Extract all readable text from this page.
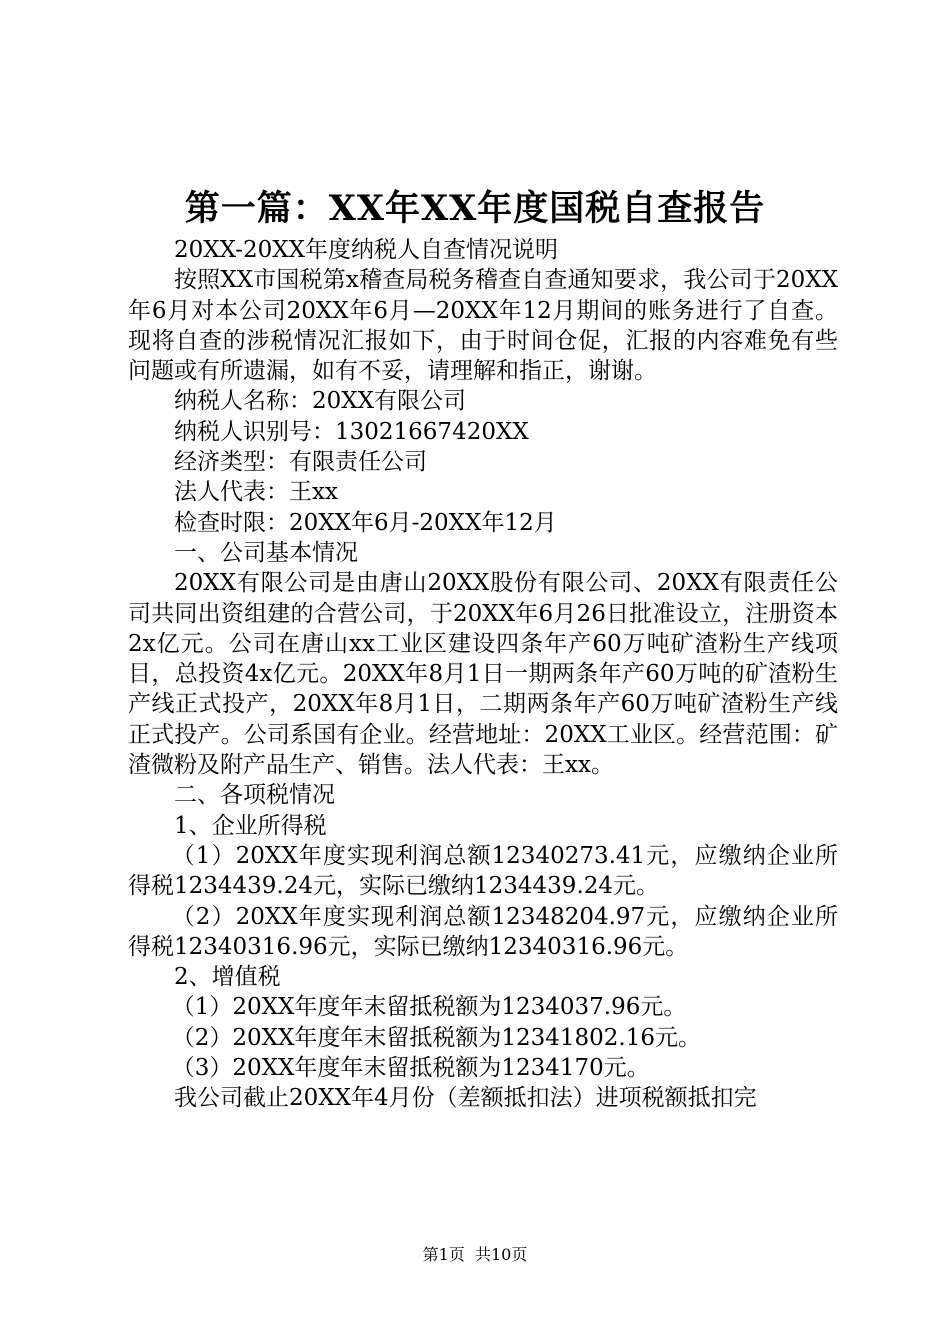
第一篇：XX年XX年度国税自查报告

20XX-20XX年度纳税人自查情况说明

按照XX市国税第x稽查局税务稽查自查通知要求，我公司于20XX年6月对本公司20XX年6月—20XX年12月期间的账务进行了自查。现将自查的涉税情况汇报如下，由于时间仓促，汇报的内容难免有些问题或有所遗漏，如有不妥，请理解和指正，谢谢。

纳税人名称：20XX有限公司

纳税人识别号：13021667420XX

经济类型：有限责任公司

法人代表：王xx

检查时限：20XX年6月-20XX年12月

一、公司基本情况

20XX有限公司是由唐山20XX股份有限公司、20XX有限责任公司共同出资组建的合营公司，于20XX年6月26日批准设立，注册资本2x亿元。公司在唐山xx工业区建设四条年产60万吨矿渣粉生产线项目，总投资4x亿元。20XX年8月1日一期两条年产60万吨的矿渣粉生产线正式投产，20XX年8月1日，二期两条年产60万吨矿渣粉生产线正式投产。公司系国有企业。经营地址：20XX工业区。经营范围：矿渣微粉及附产品生产、销售。法人代表：王xx。

二、各项税情况

1、企业所得税

（1）20XX年度实现利润总额12340273.41元，应缴纳企业所得税1234439.24元，实际已缴纳1234439.24元。

（2）20XX年度实现利润总额12348204.97元，应缴纳企业所得税12340316.96元，实际已缴纳12340316.96元。

2、增值税

（1）20XX年度年末留抵税额为1234037.96元。

（2）20XX年度年末留抵税额为12341802.16元。

（3）20XX年度年末留抵税额为1234170元。

我公司截止20XX年4月份（差额抵扣法）进项税额抵扣完

第1页  共10页
